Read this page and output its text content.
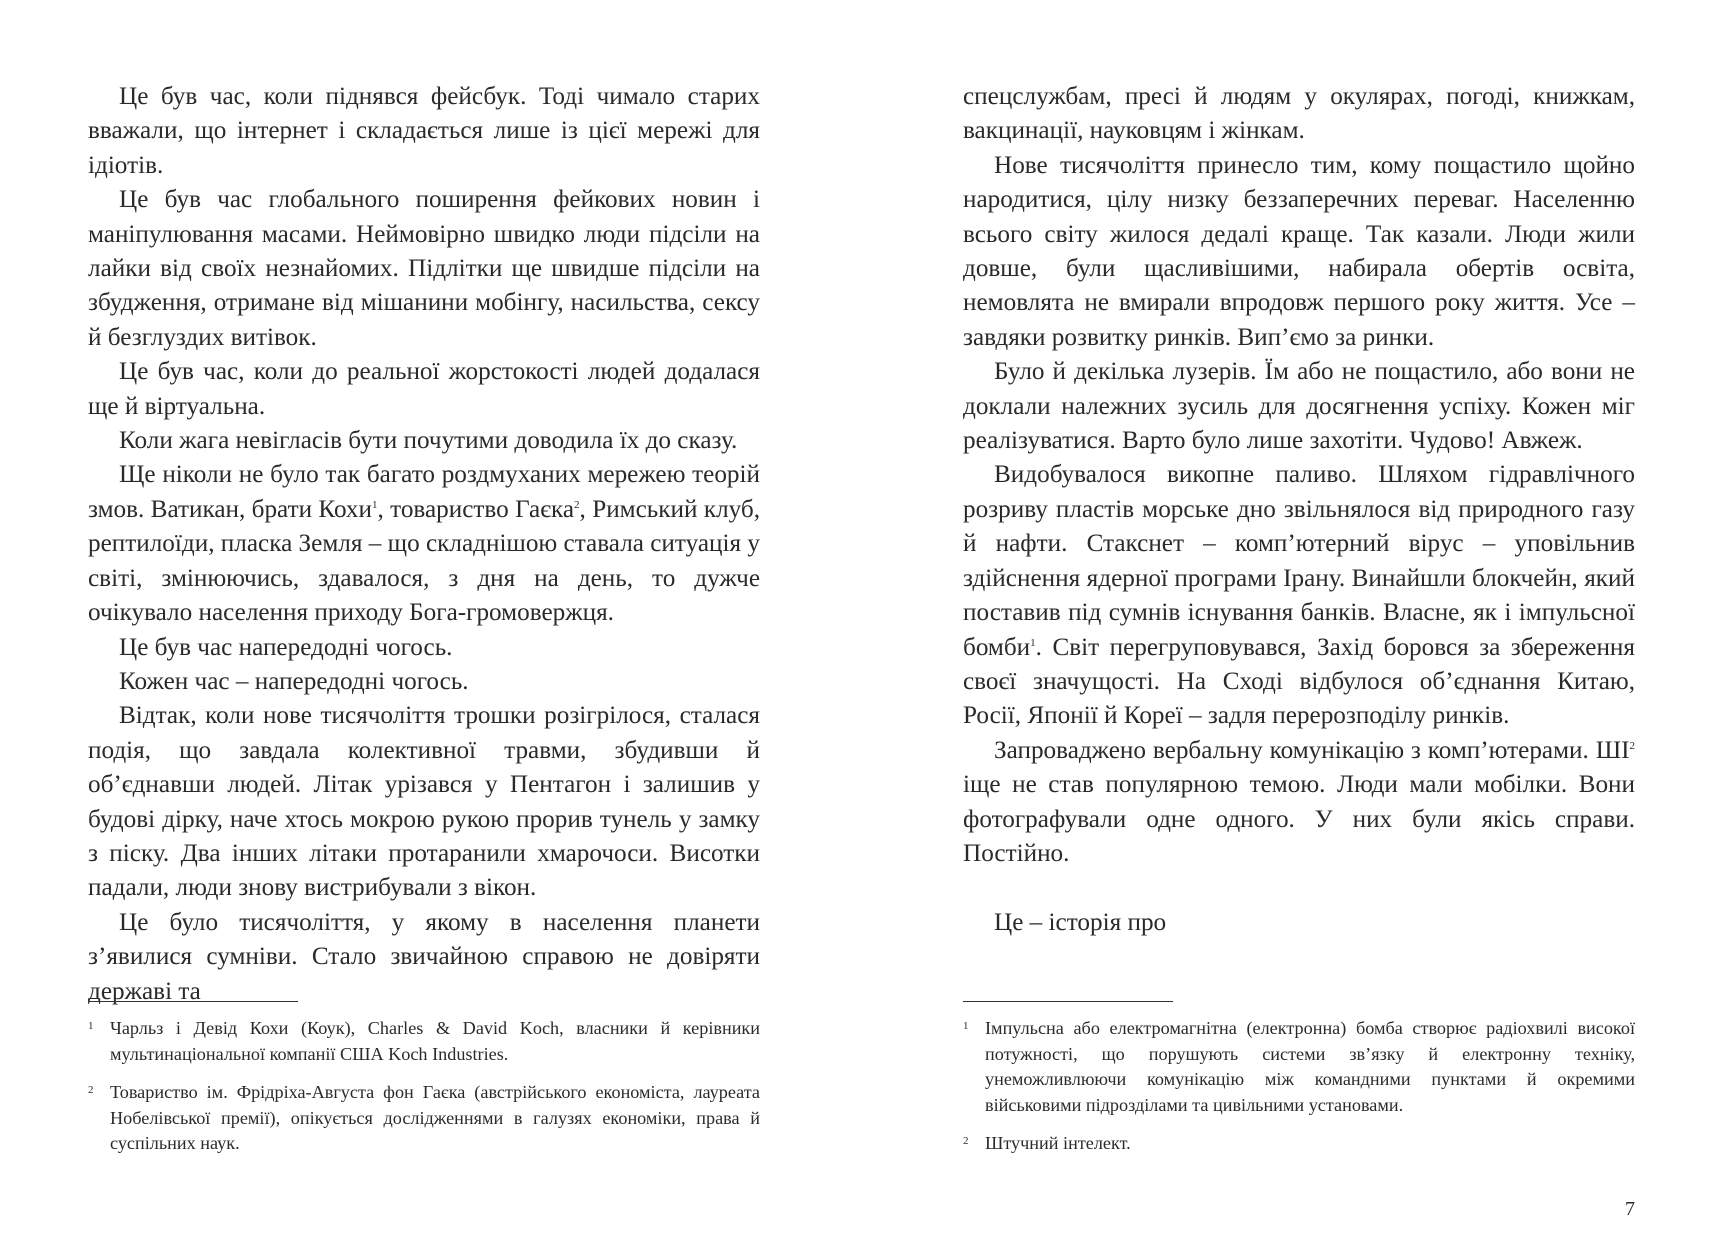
Це був час, коли піднявся фейсбук. Тоді чимало старих вважали, що інтернет і складається лише із цієї мережі для ідіотів.

Це був час глобального поширення фейкових новин і маніпулювання масами. Неймовірно швидко люди підсіли на лайки від своїх незнайомих. Підлітки ще швидше підсіли на збудження, отримане від мішанини мобінгу, насильства, сексу й безглуздих витівок.

Це був час, коли до реальної жорстокості людей додалася ще й віртуальна.

Коли жага невігласів бути почутими доводила їх до сказу.

Ще ніколи не було так багато роздмуханих мережею теорій змов. Ватикан, брати Кохи$^1$, товариство Гаєка$^2$, Римський клуб, рептилоїди, пласка Земля – що складнішою ставала ситуація у світі, змінюючись, здавалося, з дня на день, то дужче очікувало населення приходу Бога-громовержця.

Це був час напередодні чогось.

Кожен час – напередодні чогось.

Відтак, коли нове тисячоліття трошки розігрілося, сталася подія, що завдала колективної травми, збудивши й об’єднавши людей. Літак урізався у Пентагон і залишив у будові дірку, наче хтось мокрою рукою прорив тунель у замку з піску. Два інших літаки протаранили хмарочоси. Висотки падали, люди знову вистрибували з вікон.

Це було тисячоліття, у якому в населення планети з’явилися сумніви. Стало звичайною справою не довіряти державі та

1 Чарльз і Девід Кохи (Коук), Charles & David Koch, власники й керівники мультинаціональної компанії США Koch Industries.
2 Товариство ім. Фрідріха-Августа фон Гаєка (австрійського економіста, лауреата Нобелівської премії), опікується дослідженнями в галузях економіки, права й суспільних наук.

спецслужбам, пресі й людям у окулярах, погоді, книжкам, вакцинації, науковцям і жінкам.

Нове тисячоліття принесло тим, кому пощастило щойно народитися, цілу низку беззаперечних переваг. Населенню всього світу жилося дедалі краще. Так казали. Люди жили довше, були щасливішими, набирала обертів освіта, немовлята не вмирали впродовж першого року життя. Усе – завдяки розвитку ринків. Вип’ємо за ринки.

Було й декілька лузерів. Їм або не пощастило, або вони не доклали належних зусиль для досягнення успіху. Кожен міг реалізуватися. Варто було лише захотіти. Чудово! Авжеж.

Видобувалося викопне паливо. Шляхом гідравлічного розриву пластів морське дно звільнялося від природного газу й нафти. Стакснет – комп’ютерний вірус – уповільнив здійснення ядерної програми Ірану. Винайшли блокчейн, який поставив під сумнів існування банків. Власне, як і імпульсної бомби$^1$. Світ перегруповувався, Захід боровся за збереження своєї значущості. На Сході відбулося об’єднання Китаю, Росії, Японії й Кореї – задля перерозподілу ринків.

Запроваджено вербальну комунікацію з комп’ютерами. $ШІ^2$ іще не став популярною темою. Люди мали мобілки. Вони фотографували одне одного. У них були якісь справи. Постійно.

Це – історія про

1 Імпульсна або електромагнітна (електронна) бомба створює радіохвилі високої потужності, що порушують системи зв’язку й електронну техніку, унеможливлюючи комунікацію між командними пунктами й окремими військовими підрозділами та цивільними установами.
2 Штучний інтелект.
7
